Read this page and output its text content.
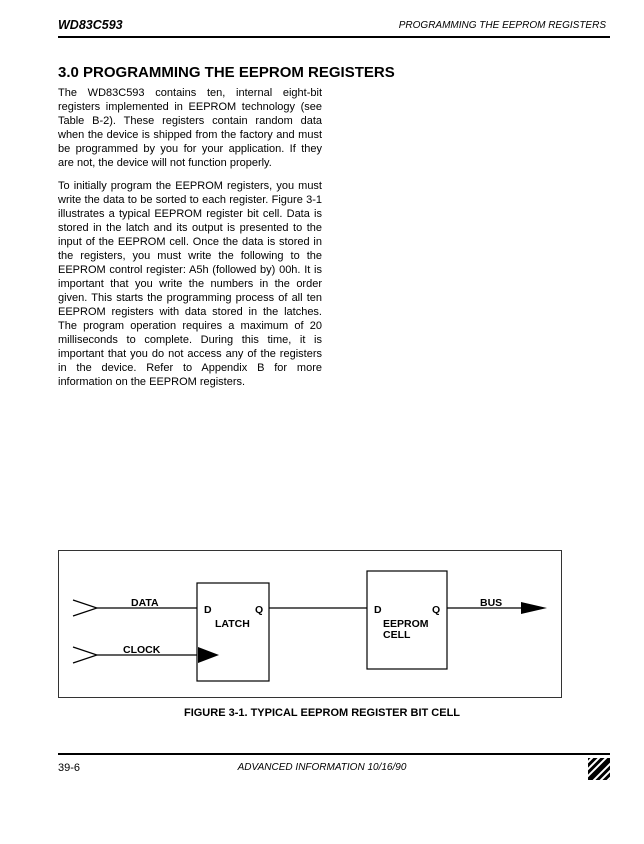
WD83C593	PROGRAMMING THE EEPROM REGISTERS
3.0 PROGRAMMING THE EEPROM REGISTERS

The WD83C593 contains ten, internal eight-bit registers implemented in EEPROM technology (see Table B-2). These registers contain random data when the device is shipped from the factory and must be programmed by you for your application. If they are not, the device will not function properly.

To initially program the EEPROM registers, you must write the data to be sorted to each register. Figure 3-1 illustrates a typical EEPROM register bit cell. Data is stored in the latch and its output is presented to the input of the EEPROM cell. Once the data is stored in the registers, you must write the following to the EEPROM control register: A5h (followed by) 00h. It is important that you write the numbers in the order given. This starts the programming process of all ten EEPROM registers with data stored in the latches. The program operation requires a maximum of 20 milliseconds to complete. During this time, it is important that you do not access any of the registers in the device. Refer to Appendix B for more information on the EEPROM registers.

DATA
CLOCK
D	Q
LATCH
D	Q
EEPROM
CELL
BUS

FIGURE 3-1. TYPICAL EEPROM REGISTER BIT CELL

39-6	ADVANCED INFORMATION 10/16/90
